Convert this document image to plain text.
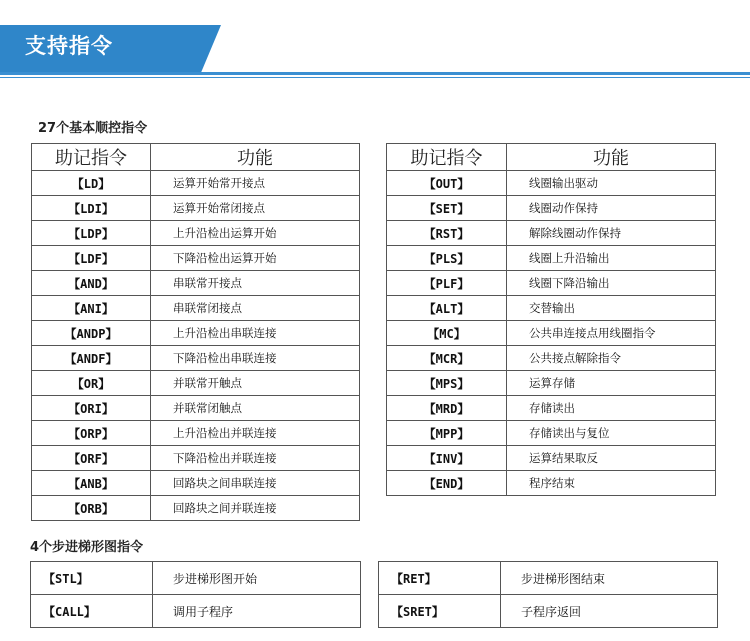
支持指令
27个基本顺控指令
助记指令	功能
【LD】	运算开始常开接点
【LDI】	运算开始常闭接点
【LDP】	上升沿检出运算开始
【LDF】	下降沿检出运算开始
【AND】	串联常开接点
【ANI】	串联常闭接点
【ANDP】	上升沿检出串联连接
【ANDF】	下降沿检出串联连接
【OR】	并联常开触点
【ORI】	并联常闭触点
【ORP】	上升沿检出并联连接
【ORF】	下降沿检出并联连接
【ANB】	回路块之间串联连接
【ORB】	回路块之间并联连接
助记指令	功能
【OUT】	线圈输出驱动
【SET】	线圈动作保持
【RST】	解除线圈动作保持
【PLS】	线圈上升沿输出
【PLF】	线圈下降沿输出
【ALT】	交替输出
【MC】	公共串连接点用线圈指令
【MCR】	公共接点解除指令
【MPS】	运算存储
【MRD】	存储读出
【MPP】	存储读出与复位
【INV】	运算结果取反
【END】	程序结束
4个步进梯形图指令
【STL】	步进梯形图开始
【CALL】	调用子程序
【RET】	步进梯形图结束
【SRET】	子程序返回
